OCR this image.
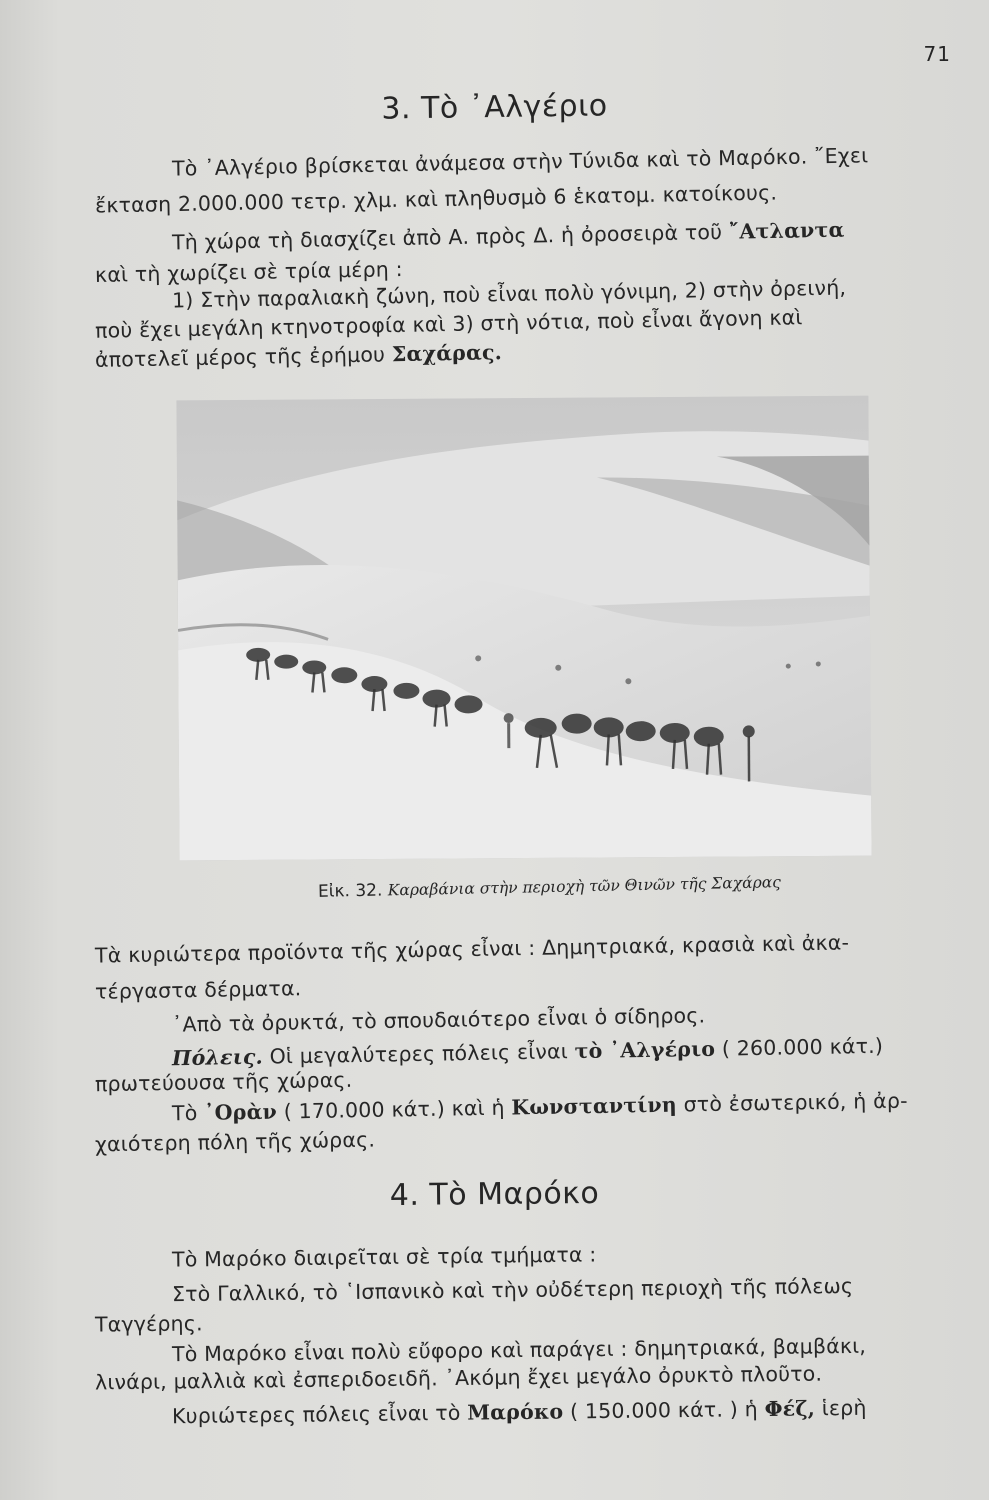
71
3. Τὸ ᾿Αλγέριο
Τὸ ᾿Αλγέριο βρίσκεται ἀνάμεσα στὴν Τύνιδα καὶ τὸ Μαρόκο. ῎Εχει
ἔκταση 2.000.000 τετρ. χλμ. καὶ πληθυσμὸ 6 ἑκατομ. κατοίκους.
Τὴ χώρα τὴ διασχίζει ἀπὸ Α. πρὸς Δ. ἡ ὀροσειρὰ τοῦ ῎Ατλαντα
καὶ τὴ χωρίζει σὲ τρία μέρη :
1) Στὴν παραλιακὴ ζώνη, ποὺ εἶναι πολὺ γόνιμη, 2) στὴν ὀρεινή,
ποὺ ἔχει μεγάλη κτηνοτροφία καὶ 3) στὴ νότια, ποὺ εἶναι ἄγονη καὶ
ἀποτελεῖ μέρος τῆς ἐρήμου Σαχάρας.
Εἰκ. 32. Καραβάνια στὴν περιοχὴ τῶν Θινῶν τῆς Σαχάρας
Τὰ κυριώτερα προϊόντα τῆς χώρας εἶναι : Δημητριακά, κρασιὰ καὶ ἀκα-
τέργαστα δέρματα.
᾿Απὸ τὰ ὀρυκτά, τὸ σπουδαιότερο εἶναι ὁ σίδηρος.
Πόλεις. Οἱ μεγαλύτερες πόλεις εἶναι τὸ ᾿Αλγέριο ( 260.000 κάτ.)
πρωτεύουσα τῆς χώρας.
Τὸ ᾿Ορὰν ( 170.000 κάτ.) καὶ ἡ Κωνσταντίνη στὸ ἐσωτερικό, ἡ ἀρ-
χαιότερη πόλη τῆς χώρας.
4. Τὸ Μαρόκο
Τὸ Μαρόκο διαιρεῖται σὲ τρία τμήματα :
Στὸ Γαλλικό, τὸ ῾Ισπανικὸ καὶ τὴν οὐδέτερη περιοχὴ τῆς πόλεως
Ταγγέρης.
Τὸ Μαρόκο εἶναι πολὺ εὔφορο καὶ παράγει : δημητριακά, βαμβάκι,
λινάρι, μαλλιὰ καὶ ἐσπεριδοειδῆ. ᾿Ακόμη ἔχει μεγάλο ὀρυκτὸ πλοῦτο.
Κυριώτερες πόλεις εἶναι τὸ Μαρόκο ( 150.000 κάτ. ) ἡ Φέζ, ἱερὴ
